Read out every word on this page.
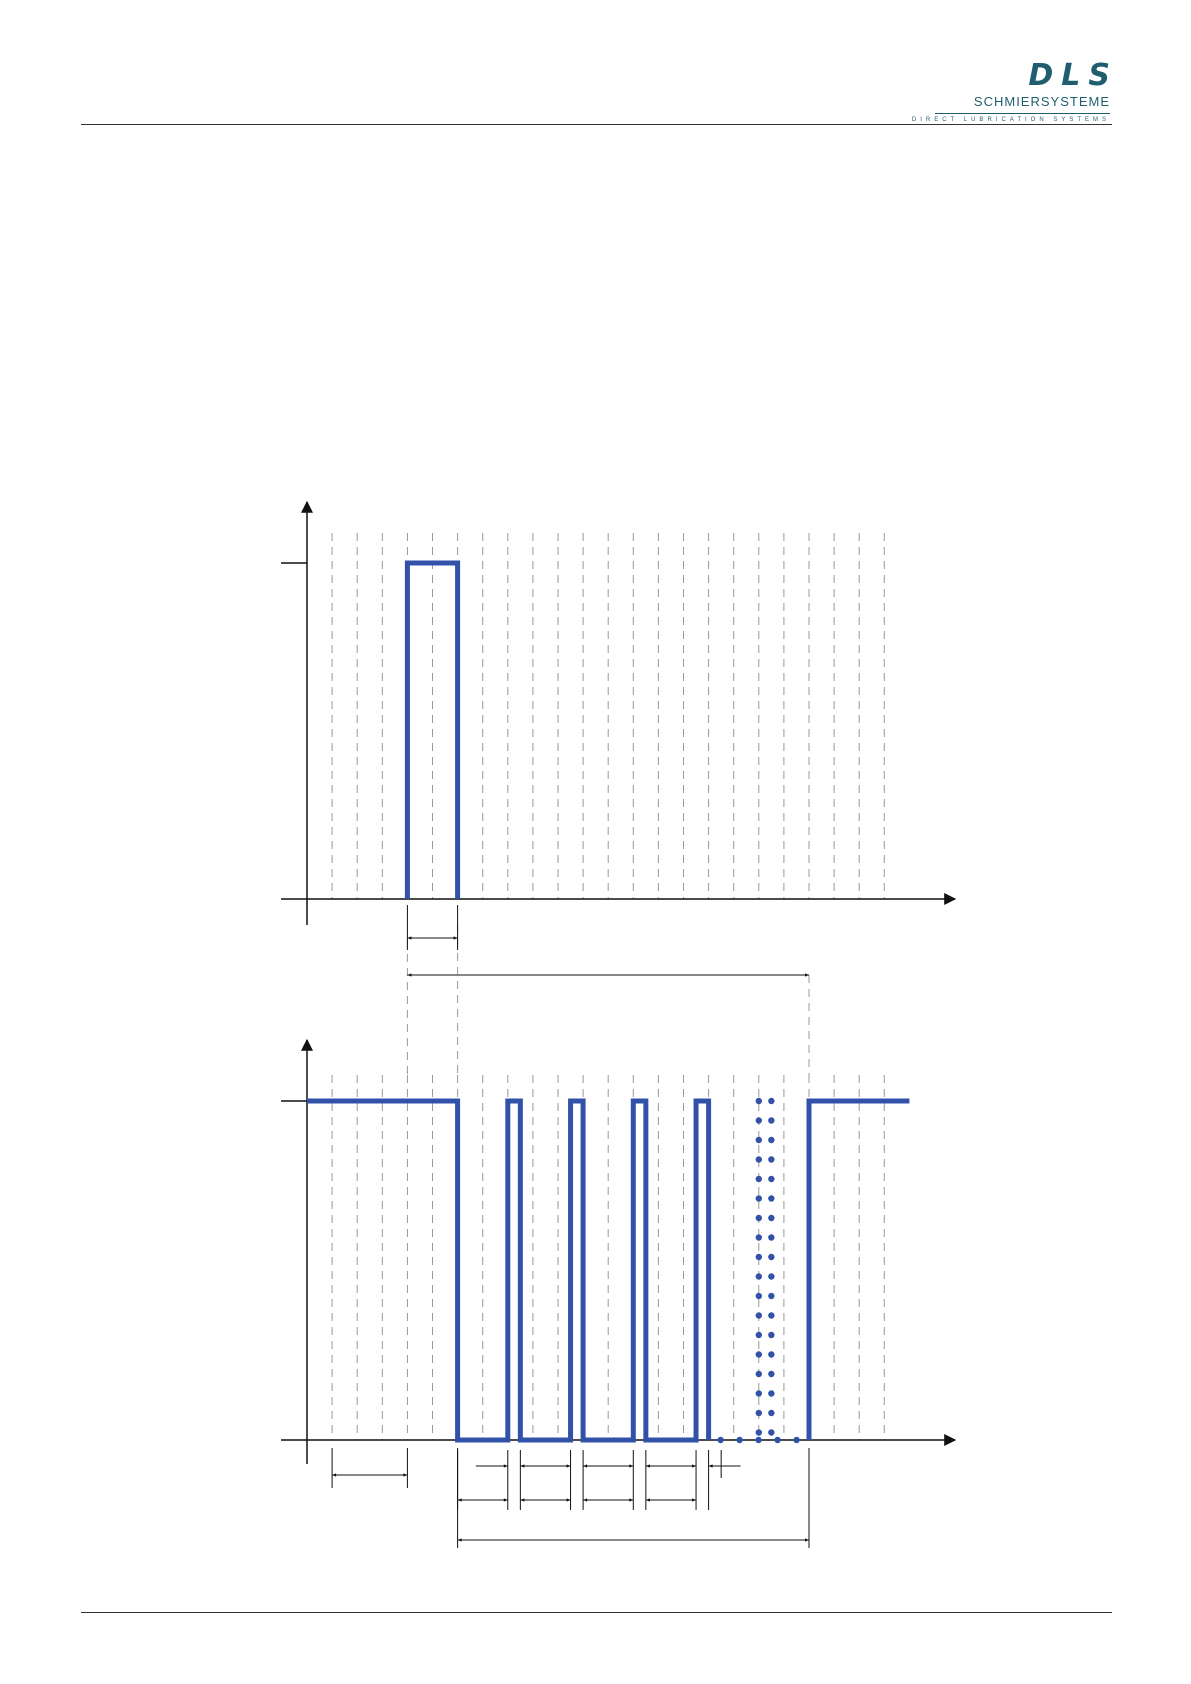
DLS
SCHMIERSYSTEME
DIRECT LUBRICATION SYSTEMS
